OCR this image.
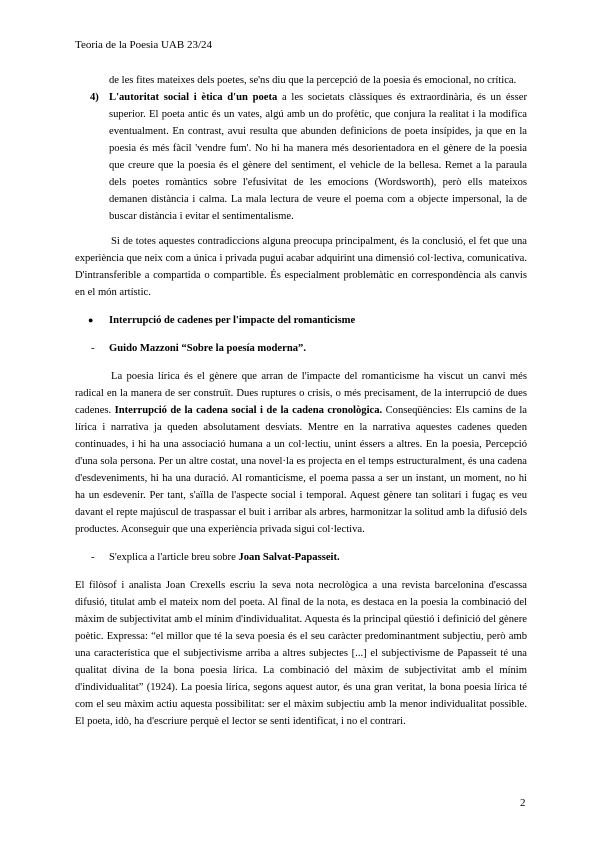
Teoria de la Poesia UAB 23/24

de les fites mateixes dels poetes, se'ns diu que la percepció de la poesia és emocional, no crítica.

4) L'autoritat social i ètica d'un poeta a les societats clàssiques és extraordinària, és un ésser superior. El poeta antic és un vates, algú amb un do profètic, que conjura la realitat i la modifica eventualment. En contrast, avui resulta que abunden definicions de poeta insípides, ja que en la poesia és més fàcil 'vendre fum'. No hi ha manera més desorientadora en el gènere de la poesia que creure que la poesia és el gènere del sentiment, el vehicle de la bellesa. Remet a la paraula dels poetes romàntics sobre l'efusivitat de les emocions (Wordsworth), però ells mateixos demanen distància i calma. La mala lectura de veure el poema com a objecte impersonal, la de buscar distància i evitar el sentimentalisme.

Si de totes aquestes contradiccions alguna preocupa principalment, és la conclusió, el fet que una experiència que neix com a única i privada pugui acabar adquirint una dimensió col·lectiva, comunicativa. D'intransferible a compartida o compartible. És especialment problemàtic en correspondència als canvis en el món artístic.

● Interrupció de cadenes per l'impacte del romanticisme

- Guido Mazzoni “Sobre la poesía moderna”.

La poesia lírica és el gènere que arran de l'impacte del romanticisme ha viscut un canvi més radical en la manera de ser construït. Dues ruptures o crisis, o més precisament, de la interrupció de dues cadenes. Interrupció de la cadena social i de la cadena cronològica. Conseqüències: Els camins de la lírica i narrativa ja queden absolutament desviats. Mentre en la narrativa aquestes cadenes queden continuades, i hi ha una associació humana a un col·lectiu, unint éssers a altres. En la poesia, Percepció d'una sola persona. Per un altre costat, una novel·la es projecta en el temps estructuralment, és una cadena d'esdeveniments, hi ha una duració. Al romanticisme, el poema passa a ser un instant, un moment, no hi ha un esdevenir. Per tant, s'aïlla de l'aspecte social i temporal. Aquest gènere tan solitari i fugaç es veu davant el repte majúscul de traspassar el buit i arribar als arbres, harmonitzar la solitud amb la difusió dels productes. Aconseguir que una experiència privada sigui col·lectiva.

- S'explica a l'article breu sobre Joan Salvat-Papasseit.

El filòsof i analista Joan Crexells escriu la seva nota necrològica a una revista barcelonina d'escassa difusió, titulat amb el mateix nom del poeta. Al final de la nota, es destaca en la poesia la combinació del màxim de subjectivitat amb el mínim d'individualitat. Aquesta és la principal qüestió i definició del gènere poètic. Expressa: “el millor que té la seva poesia és el seu caràcter predominantment subjectiu, però amb una característica que el subjectivisme arriba a altres subjectes [...] el subjectivisme de Papasseit té una qualitat divina de la bona poesia lírica. La combinació del màxim de subjectivitat amb el mínim d'individualitat” (1924). La poesia lírica, segons aquest autor, és una gran veritat, la bona poesia lírica té com el seu màxim actiu aquesta possibilitat: ser el màxim subjectiu amb la menor individualitat possible. El poeta, idò, ha d'escriure perquè el lector se senti identificat, i no el contrari.

2
